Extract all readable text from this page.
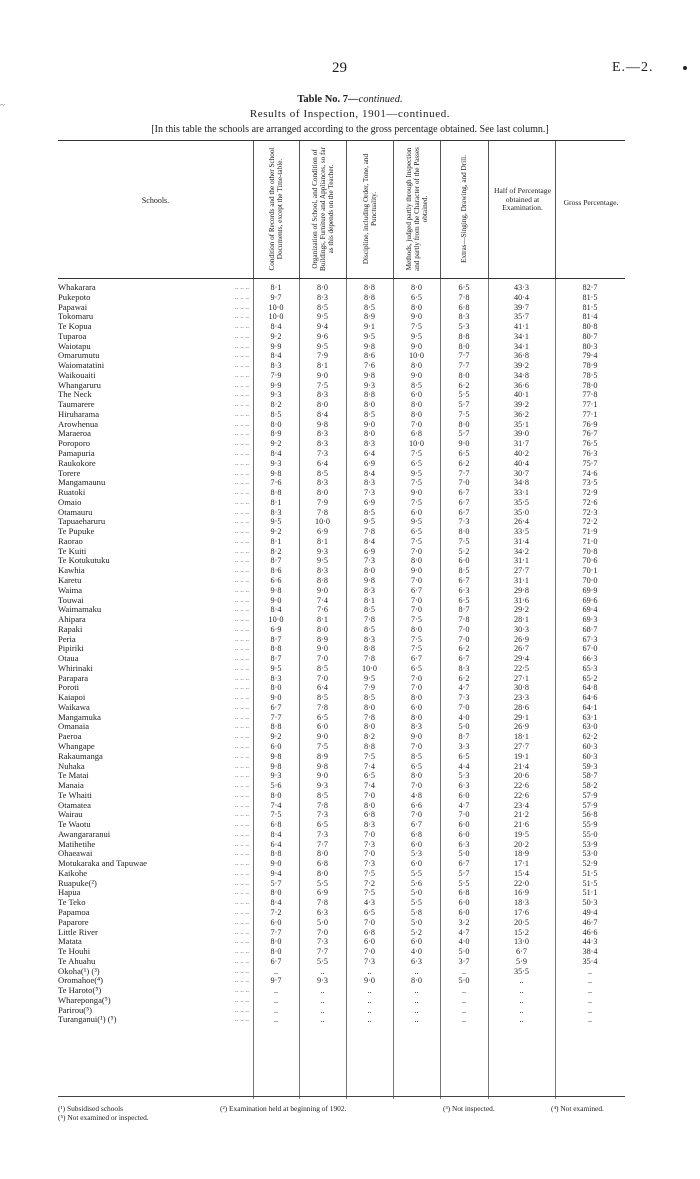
~
29	E.—2.
Table No. 7—continued.
Results of Inspection, 1901—continued.
[In this table the schools are arranged according to the gross percentage obtained. See last column.]
Schools.	Condition of Records and the other School Documents, except the Time-table.	Organization of School, and Condition of Buildings, Furniture and Appliances, so far as this depends on the Teacher.	Discipline, including Order, Tone, and Punctuality.	Methods, judged partly through Inspection and partly from the Character of the Passes obtained.	Extras—Singing, Drawing, and Drill.	Half of Percentage obtained at Examination.
Gross Percentage.
.. .. ..
Whakarara	8·1	8·0	8·8	8·0	6·5	43·3	82·7
.. .. ..
Pukepoto	9·7	8·3	8·8	6·5	7·8	40·4	81·5
.. .. ..
Papawai	10·0	8·5	8·5	8·0	6·8	39·7	81·5
.. .. ..
Tokomaru	10·0	9·5	8·9	9·0	8·3	35·7	81·4
.. .. ..
Te Kopua	8·4	9·4	9·1	7·5	5·3	41·1	80·8
.. .. ..
Tuparoa	9·2	9·6	9·5	9·5	8·8	34·1	80·7
.. .. ..
Waiotapu	9·9	9·5	9·8	9·0	8·0	34·1	80·3
.. .. ..
Omarumutu	8·4	7·9	8·6	10·0	7·7	36·8	79·4
.. .. ..
Waiomatatini	8·3	8·1	7·6	8·0	7·7	39·2	78·9
.. .. ..
Waikouaiti	7·9	9·0	9·8	9·0	8·0	34·8	78·5
.. .. ..
Whangaruru	9·9	7·5	9·3	8·5	6·2	36·6	78·0
.. .. ..
The Neck	9·3	8·3	8·8	6·0	5·5	40·1	77·8
.. .. ..
Taumarere	8·2	8·0	8·0	8·0	5·7	39·2	77·1
.. .. ..
Hiruharama	8·5	8·4	8·5	8·0	7·5	36·2	77·1
.. .. ..
Arowhenua	8·0	9·8	9·0	7·0	8·0	35·1	76·9
.. .. ..
Maraeroa	8·9	8·3	8·0	6·8	5·7	39·0	76·7
.. .. ..
Poroporo	9·2	8·3	8·3	10·0	9·0	31·7	76·5
.. .. ..
Pamapuria	8·4	7·3	6·4	7·5	6·5	40·2	76·3
.. .. ..
Raukokore	9·3	6·4	6·9	6·5	6·2	40·4	75·7
.. .. ..
Torere	9·8	8·5	8·4	9·5	7·7	30·7	74·6
.. .. ..
Mangamaunu	7·6	8·3	8·3	7·5	7·0	34·8	73·5
.. .. ..
Ruatoki	8·8	8·0	7·3	9·0	6·7	33·1	72·9
.. .. ..
Omaio	8·1	7·9	6·9	7·5	6·7	35·5	72·6
.. .. ..
Otamauru	8·3	7·8	8·5	6·0	6·7	35·0	72·3
.. .. ..
Tapuaeharuru	9·5	10·0	9·5	9·5	7·3	26·4	72·2
.. .. ..
Te Pupuke	9·2	6·9	7·8	6·5	8·0	33·5	71·9
.. .. ..
Raorao	8·1	8·1	8·4	7·5	7·5	31·4	71·0
.. .. ..
Te Kuiti	8·2	9·3	6·9	7·0	5·2	34·2	70·8
.. .. ..
Te Kotukutuku	8·7	9·5	7·3	8·0	6·0	31·1	70·6
.. .. ..
Kawhia	8·6	8·3	8·0	9·0	8·5	27·7	70·1
.. .. ..
Karetu	6·6	8·8	9·8	7·0	6·7	31·1	70·0
.. .. ..
Waima	9·8	9·0	8·3	6·7	6·3	29·8	69·9
.. .. ..
Touwai	9·0	7·4	8·1	7·0	6·5	31·6	69·6
.. .. ..
Waimamaku	8·4	7·6	8·5	7·0	8·7	29·2	69·4
.. .. ..
Ahipara	10·0	8·1	7·8	7·5	7·8	28·1	69·3
.. .. ..
Rapaki	6·9	8·0	8·5	8·0	7·0	30·3	68·7
.. .. ..
Peria	8·7	8·9	8·3	7·5	7·0	26·9	67·3
.. .. ..
Pipiriki	8·8	9·0	8·8	7·5	6·2	26·7	67·0
.. .. ..
Otaua	8·7	7·0	7·8	6·7	6·7	29·4	66·3
.. .. ..
Whirinaki	9·5	8·5	10·0	6·5	8·3	22·5	65·3
.. .. ..
Parapara	8·3	7·0	9·5	7·0	6·2	27·1	65·2
.. .. ..
Poroti	8·0	6·4	7·9	7·0	4·7	30·8	64·8
.. .. ..
Kaiapoi	9·0	8·5	8·5	8·0	7·3	23·3	64·6
.. .. ..
Waikawa	6·7	7·8	8·0	6·0	7·0	28·6	64·1
.. .. ..
Mangamuka	7·7	6·5	7·8	8·0	4·0	29·1	63·1
.. .. ..
Omanaia	8·8	6·0	8·0	8·3	5·0	26·9	63·0
.. .. ..
Paeroa	9·2	9·0	8·2	9·0	8·7	18·1	62·2
.. .. ..
Whangape	6·0	7·5	8·8	7·0	3·3	27·7	60·3
.. .. ..
Rakaumanga	9·8	8·9	7·5	8·5	6·5	19·1	60·3
.. .. ..
Nuhaka	9·8	9·8	7·4	6·5	4·4	21·4	59·3
.. .. ..
Te Matai	9·3	9·0	6·5	8·0	5·3	20·6	58·7
.. .. ..
Manaia	5·6	9·3	7·4	7·0	6·3	22·6	58·2
.. .. ..
Te Whaiti	8·0	8·5	7·0	4·8	6·0	22·6	57·9
.. .. ..
Otamatea	7·4	7·8	8·0	6·6	4·7	23·4	57·9
.. .. ..
Wairau	7·5	7·3	6·8	7·0	7·0	21·2	56·8
.. .. ..
Te Waotu	6·8	6·5	8·3	6·7	6·0	21·6	55·9
.. .. ..
Awangararanui	8·4	7·3	7·0	6·8	6·0	19·5	55·0
.. .. ..
Matihetihe	6·4	7·7	7·3	6·0	6·3	20·2	53·9
.. .. ..
Ohaeawai	8·8	8·0	7·0	5·3	5·0	18·9	53·0
.. .. ..
Motukaraka and Tapuwae	9·0	6·8	7·3	6·0	6·7	17·1	52·9
.. .. ..
Kaikohe	9·4	8·0	7·5	5·5	5·7	15·4	51·5
.. .. ..
Ruapuke(²)	5·7	5·5	7·2	5·6	5·5	22·0	51·5
.. .. ..
Hapua	8·0	6·9	7·5	5·0	6·8	16·9	51·1
.. .. ..
Te Teko	8·4	7·8	4·3	5·5	6·0	18·3	50·3
.. .. ..
Papamoa	7·2	6·3	6·5	5·8	6·0	17·6	49·4
.. .. ..
Paparore	6·0	5·0	7·0	5·0	3·2	20·5	46·7
.. .. ..
Little River	7·7	7·0	6·8	5·2	4·7	15·2	46·6
.. .. ..
Matata	8·0	7·3	6·0	6·0	4·0	13·0	44·3
.. .. ..
Te Houhi	8·0	7·7	7·0	4·0	5·0	6·7	38·4
.. .. ..
Te Ahuahu	6·7	5·5	7·3	6·3	3·7	5·9	35·4
.. .. ..
Okoha(¹) (³)	..	..	..	..	..	35·5	..
.. .. ..
Oromahoe(⁴)	9·7	9·3	9·0	8·0	5·0	..	..
.. .. ..
Te Haroto(⁵)	..	..	..	..	..	..	..
.. .. ..
Whareponga(⁵)	..	..	..	..	..	..	..
.. .. ..
Parirou(⁵)	..	..	..	..	..	..	..
.. .. ..
Turanganui(¹) (⁵)	..	..	..	..	..	..	..
(¹) Subsidised schools	(²) Examination held at beginning of 1902.	(³) Not inspected.	(⁴) Not examined.
(⁵) Not examined or inspected.
